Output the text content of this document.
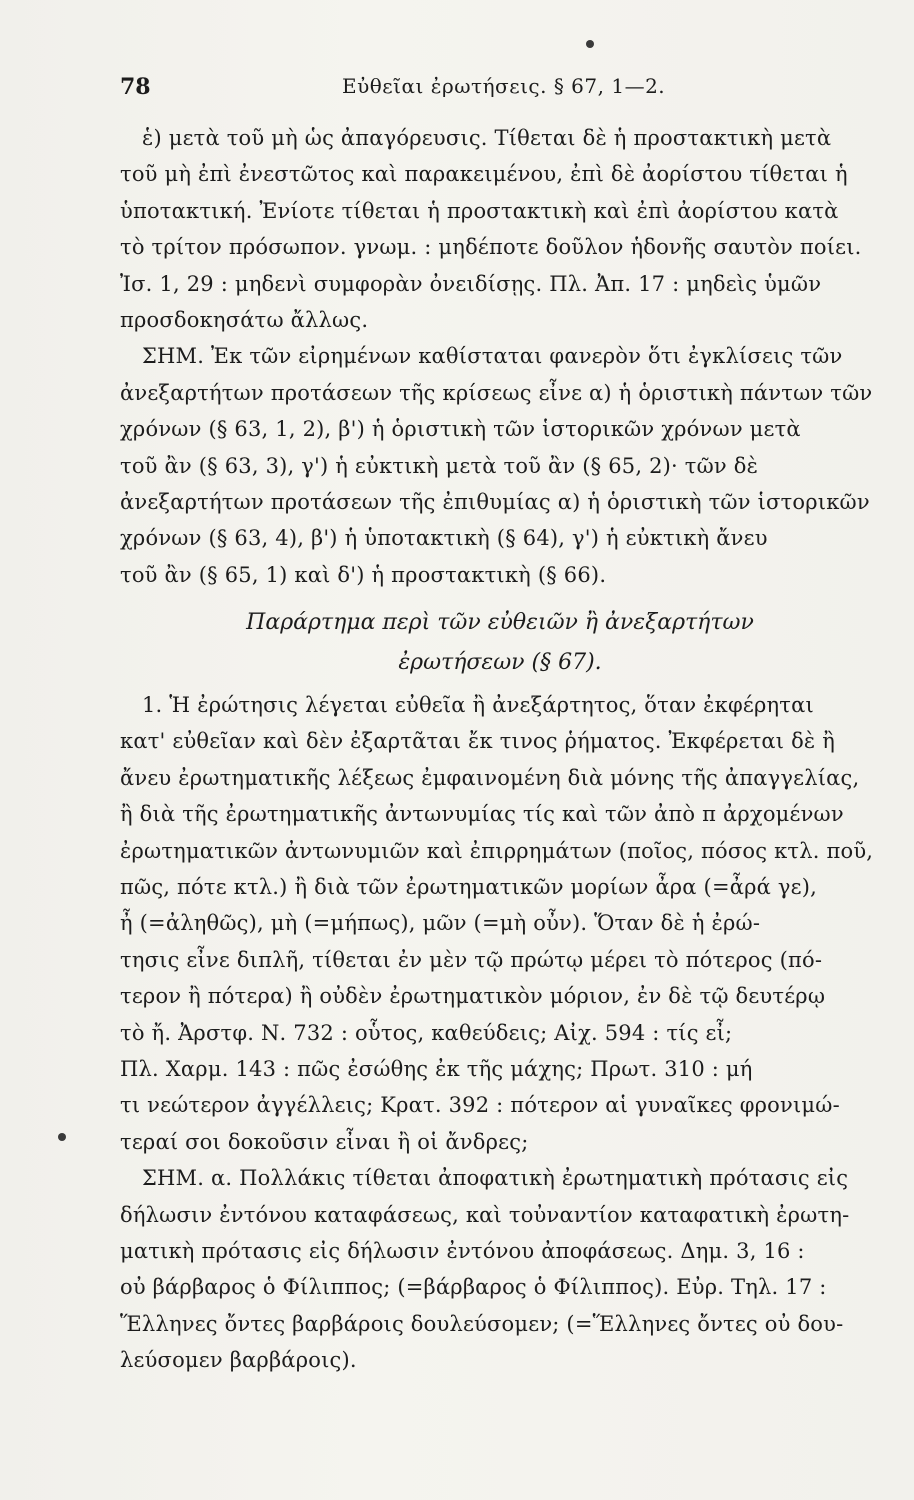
78	Εὐθεῖαι ἐρωτήσεις. § 67, 1—2.
ἑ) μετὰ τοῦ μὴ ὡς ἀπαγόρευσις. Τίθεται δὲ ἡ προστακτικὴ μετὰ
τοῦ μὴ ἐπὶ ἐνεστῶτος καὶ παρακειμένου, ἐπὶ δὲ ἀορίστου τίθεται ἡ
ὑποτακτική. Ἐνίοτε τίθεται ἡ προστακτικὴ καὶ ἐπὶ ἀορίστου κατὰ
τὸ τρίτον πρόσωπον. γνωμ. : μηδέποτε δοῦλον ἡδονῆς σαυτὸν ποίει.
Ἰσ. 1, 29 : μηδενὶ συμφορὰν ὀνειδίσῃς. Πλ. Ἀπ. 17 : μηδεὶς ὑμῶν
προσδοκησάτω ἄλλως.
ΣΗΜ. Ἐκ τῶν εἰρημένων καθίσταται φανερὸν ὅτι ἐγκλίσεις τῶν
ἀνεξαρτήτων προτάσεων τῆς κρίσεως εἶνε α) ἡ ὁριστικὴ πάντων τῶν
χρόνων (§ 63, 1, 2), β') ἡ ὁριστικὴ τῶν ἱστορικῶν χρόνων μετὰ
τοῦ ἂν (§ 63, 3), γ') ἡ εὐκτικὴ μετὰ τοῦ ἂν (§ 65, 2)· τῶν δὲ
ἀνεξαρτήτων προτάσεων τῆς ἐπιθυμίας α) ἡ ὁριστικὴ τῶν ἱστορικῶν
χρόνων (§ 63, 4), β') ἡ ὑποτακτικὴ (§ 64), γ') ἡ εὐκτικὴ ἄνευ
τοῦ ἂν (§ 65, 1) καὶ δ') ἡ προστακτικὴ (§ 66).
Παράρτημα περὶ τῶν εὐθειῶν ἢ ἀνεξαρτήτων
ἐρωτήσεων (§ 67).
1. Ἡ ἐρώτησις λέγεται εὐθεῖα ἢ ἀνεξάρτητος, ὅταν ἐκφέρηται
κατ' εὐθεῖαν καὶ δὲν ἐξαρτᾶται ἔκ τινος ῥήματος. Ἐκφέρεται δὲ ἢ
ἄνευ ἐρωτηματικῆς λέξεως ἐμφαινομένη διὰ μόνης τῆς ἀπαγγελίας,
ἢ διὰ τῆς ἐρωτηματικῆς ἀντωνυμίας τίς καὶ τῶν ἀπὸ π ἀρχομένων
ἐρωτηματικῶν ἀντωνυμιῶν καὶ ἐπιρρημάτων (ποῖος, πόσος κτλ. ποῦ,
πῶς, πότε κτλ.) ἢ διὰ τῶν ἐρωτηματικῶν μορίων ἆρα (=ἆρά γε),
ἦ (=ἀληθῶς), μὴ (=μήπως), μῶν (=μὴ οὖν). Ὅταν δὲ ἡ ἐρώ-
τησις εἶνε διπλῆ, τίθεται ἐν μὲν τῷ πρώτῳ μέρει τὸ πότερος (πό-
τερον ἢ πότερα) ἢ οὐδὲν ἐρωτηματικὸν μόριον, ἐν δὲ τῷ δευτέρῳ
τὸ ἤ. Ἀρστφ. Ν. 732 : οὗτος, καθεύδεις; Αἰχ. 594 : τίς εἶ;
Πλ. Χαρμ. 143 : πῶς ἐσώθης ἐκ τῆς μάχης; Πρωτ. 310 : μή
τι νεώτερον ἀγγέλλεις; Κρατ. 392 : πότερον αἱ γυναῖκες φρονιμώ-
τεραί σοι δοκοῦσιν εἶναι ἢ οἱ ἄνδρες;
ΣΗΜ. α. Πολλάκις τίθεται ἀποφατικὴ ἐρωτηματικὴ πρότασις εἰς
δήλωσιν ἐντόνου καταφάσεως, καὶ τοὐναντίον καταφατικὴ ἐρωτη-
ματικὴ πρότασις εἰς δήλωσιν ἐντόνου ἀποφάσεως. Δημ. 3, 16 :
οὐ βάρβαρος ὁ Φίλιππος; (=βάρβαρος ὁ Φίλιππος). Εὐρ. Τηλ. 17 :
Ἕλληνες ὄντες βαρβάροις δουλεύσομεν; (=Ἕλληνες ὄντες οὐ δου-
λεύσομεν βαρβάροις).
